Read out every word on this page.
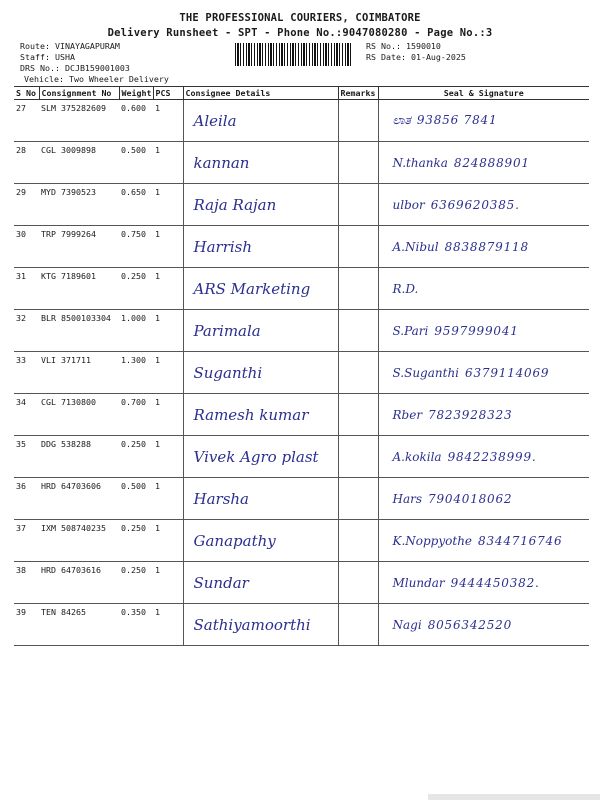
THE PROFESSIONAL COURIERS, COIMBATORE
Delivery Runsheet - SPT - Phone No.:9047080280 - Page No.:3
Route: VINAYAGAPURAM
Staff: USHA
DRS No.: DCJB159001003
Vehicle: Two Wheeler Delivery
RS No.: 1590010
RS Date: 01-Aug-2025
S No	Consignment No	Weight	PCS	Consignee Details	Remarks	Seal & Signature
27	SLM 375282609	0.600	1	Aleila		ಲಾತ 93856 7841
28	CGL 3009898	0.500	1	kannan		N.thanka 824888901
29	MYD 7390523	0.650	1	Raja Rajan		ulbor 6369620385.
30	TRP 7999264	0.750	1	Harrish		A.Nibul 8838879118
31	KTG 7189601	0.250	1	ARS Marketing		R.D.
32	BLR 8500103304	1.000	1	Parimala		S.Pari 9597999041
33	VLI 371711	1.300	1	Suganthi		S.Suganthi 6379114069
34	CGL 7130800	0.700	1	Ramesh kumar		Rber 7823928323
35	DDG 538288	0.250	1	Vivek Agro plast		A.kokila 9842238999.
36	HRD 64703606	0.500	1	Harsha		Hars 7904018062
37	IXM 508740235	0.250	1	Ganapathy		K.Noppyothe 8344716746
38	HRD 64703616	0.250	1	Sundar		Mlundar 9444450382.
39	TEN 84265	0.350	1	Sathiyamoorthi		Nagi 8056342520
